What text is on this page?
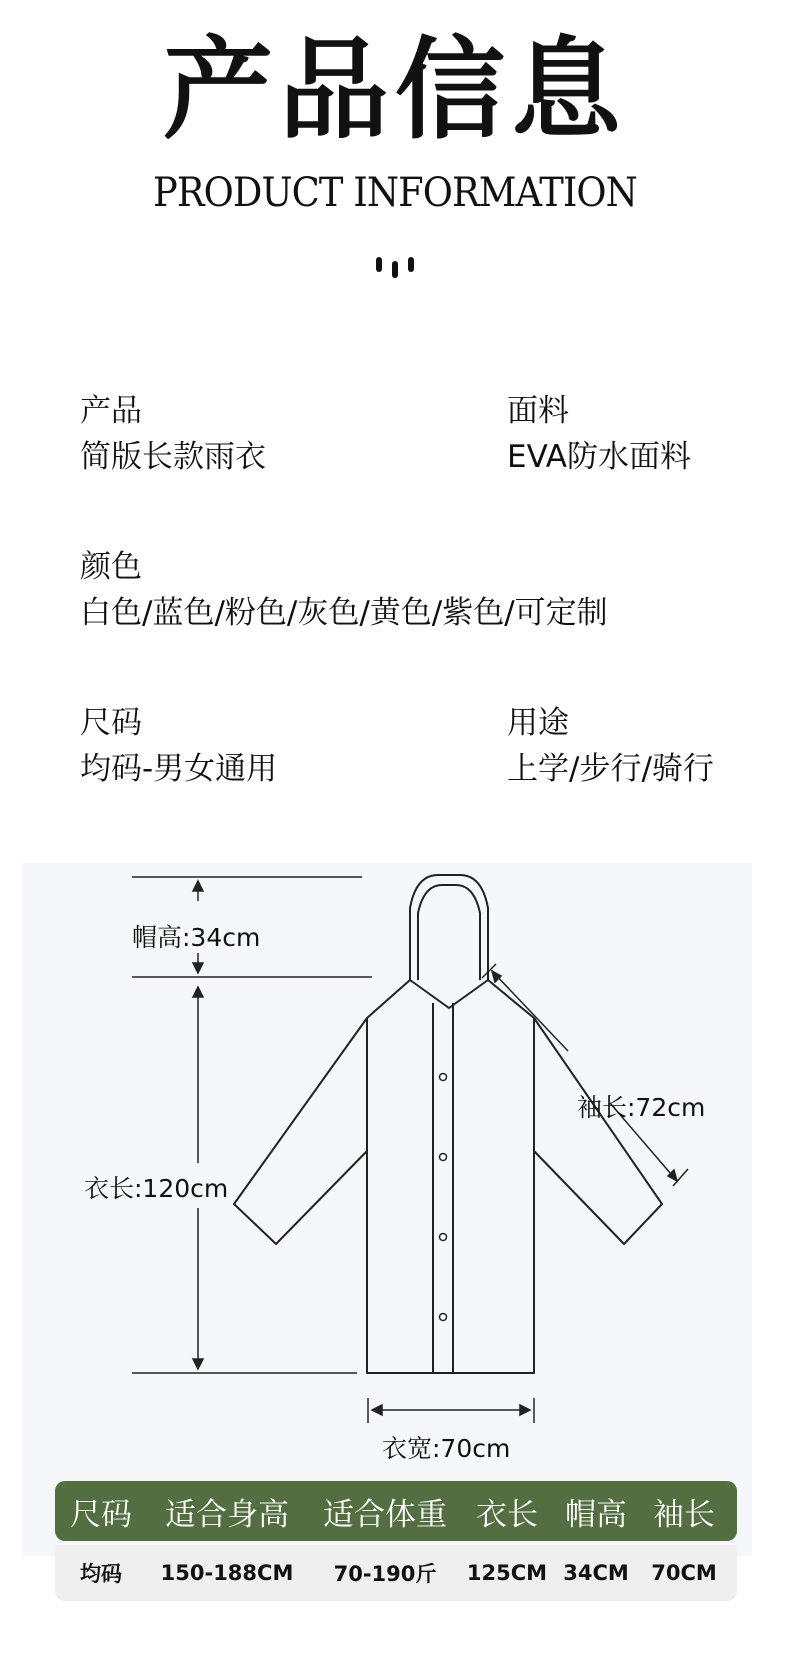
产品信息
PRODUCT INFORMATION
产品
简版长款雨衣
面料
EVA防水面料
颜色
白色/蓝色/粉色/灰色/黄色/紫色/可定制
尺码
均码-男女通用
用途
上学/步行/骑行
帽高:34cm
袖长:72cm
衣长:120cm
衣宽:70cm
尺码	适合身高	适合体重 衣长 帽高 袖长
均码	150-188CM	70-190斤	125CM 34CM	70CM
